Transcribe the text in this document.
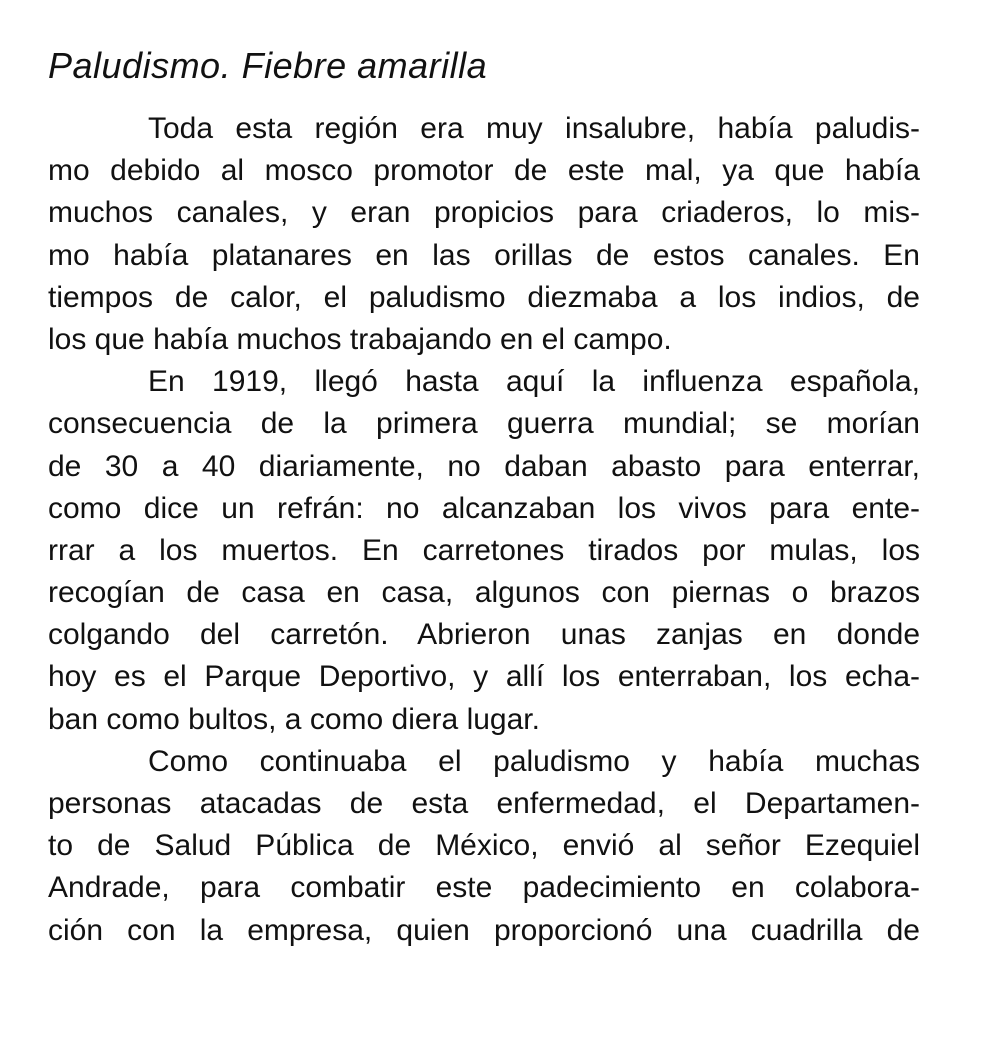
Paludismo. Fiebre amarilla
Toda esta región era muy insalubre, había paludis-
mo debido al mosco promotor de este mal, ya que había
muchos canales, y eran propicios para criaderos, lo mis-
mo había platanares en las orillas de estos canales. En
tiempos de calor, el paludismo diezmaba a los indios, de
los que había muchos trabajando en el campo.
En 1919, llegó hasta aquí la influenza española,
consecuencia de la primera guerra mundial; se morían
de 30 a 40 diariamente, no daban abasto para enterrar,
como dice un refrán: no alcanzaban los vivos para ente-
rrar a los muertos. En carretones tirados por mulas, los
recogían de casa en casa, algunos con piernas o brazos
colgando del carretón. Abrieron unas zanjas en donde
hoy es el Parque Deportivo, y allí los enterraban, los echa-
ban como bultos, a como diera lugar.
Como continuaba el paludismo y había muchas
personas atacadas de esta enfermedad, el Departamen-
to de Salud Pública de México, envió al señor Ezequiel
Andrade, para combatir este padecimiento en colabora-
ción con la empresa, quien proporcionó una cuadrilla de
